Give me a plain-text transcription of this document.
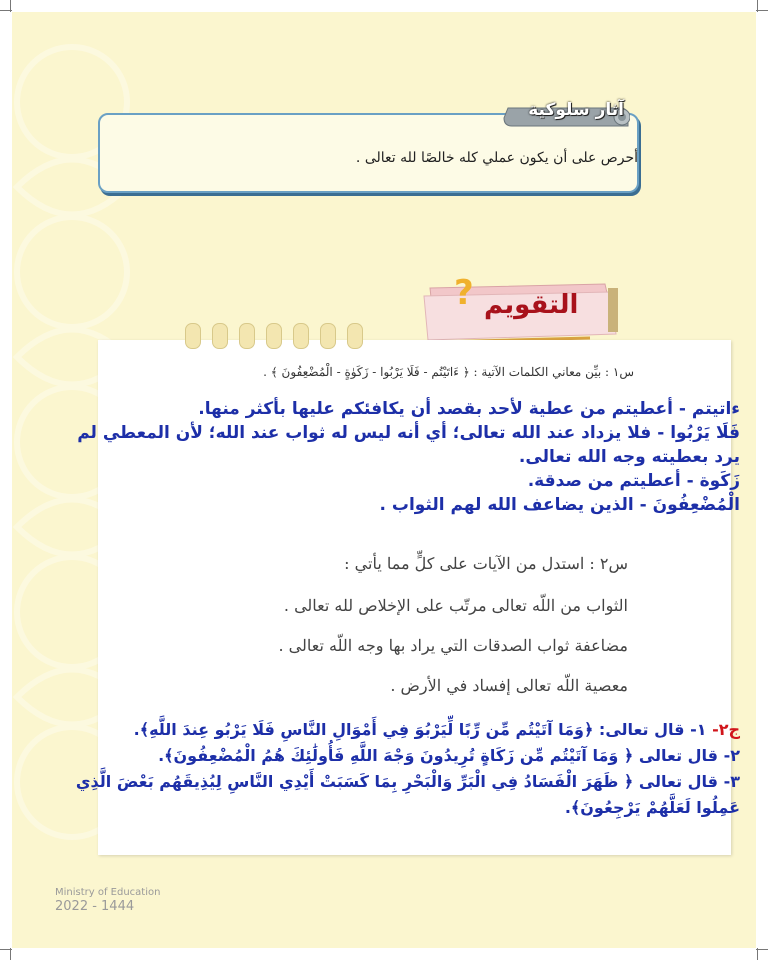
آثار سلوكية
أحرص على أن يكون عملي كله خالصًا لله تعالى .
? التقويم
س١ : بيِّن معاني الكلمات الآتية : ﴿ ءَاتَيْتُم - فَلَا يَرْبُوا - زَكَوٰةٍ - الْمُضْعِفُونَ ﴾ .
ءاتيتم - أعطيتم من عطية لأحد بقصد أن يكافئكم عليها بأكثر منها.
فَلَا يَرْبُوا - فلا يزداد عند الله تعالى؛ أي أنه ليس له ثواب عند الله؛ لأن المعطي لم
يرد بعطيته وجه الله تعالى.
زَكَوة - أعطيتم من صدقة.
الْمُضْعِفُونَ - الذين يضاعف الله لهم الثواب .
س٢ : استدل من الآيات على كلٍّ مما يأتي :
الثواب من اللّه تعالى مرتّب على الإخلاص لله تعالى .
مضاعفة ثواب الصدقات التي يراد بها وجه اللّه تعالى .
معصية اللّه تعالى إفساد في الأرض .
ج٢- ١- قال تعالى: ﴿وَمَا آتَيْتُم مِّن رِّبًا لِّيَرْبُوَ فِي أَمْوَالِ النَّاسِ فَلَا يَرْبُو عِندَ اللَّهِ﴾.
٢- قال تعالى ﴿ وَمَا آتَيْتُم مِّن زَكَاةٍ تُرِيدُونَ وَجْهَ اللَّهِ فَأُولَٰئِكَ هُمُ الْمُضْعِفُونَ﴾.
٣- قال تعالى ﴿ ظَهَرَ الْفَسَادُ فِي الْبَرِّ وَالْبَحْرِ بِمَا كَسَبَتْ أَيْدِي النَّاسِ لِيُذِيقَهُم بَعْضَ الَّذِي
عَمِلُوا لَعَلَّهُمْ يَرْجِعُونَ﴾.
Ministry of Education
2022 - 1444
